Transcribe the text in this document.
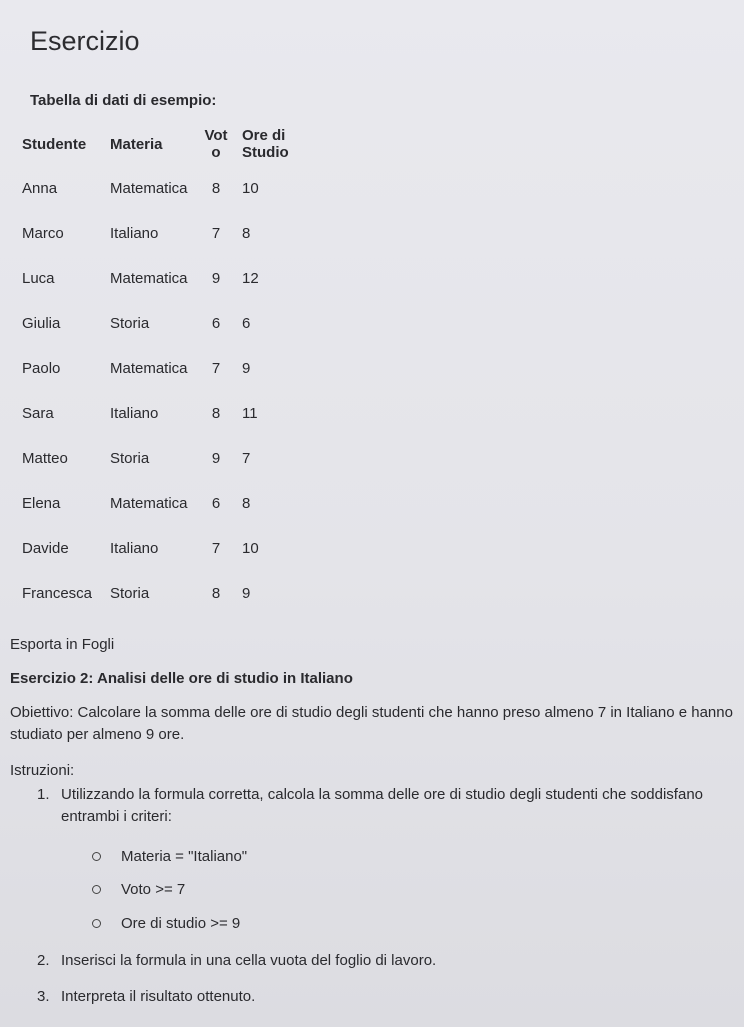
Esercizio

Tabella di dati di esempio:

Studente	Materia	Voto	Ore di Studio
Anna	Matematica	8	10
Marco	Italiano	7	8
Luca	Matematica	9	12
Giulia	Storia	6	6
Paolo	Matematica	7	9
Sara	Italiano	8	11
Matteo	Storia	9	7
Elena	Matematica	6	8
Davide	Italiano	7	10
Francesca	Storia	8	9
Esporta in Fogli
Esercizio 2: Analisi delle ore di studio in Italiano

Obiettivo: Calcolare la somma delle ore di studio degli studenti che hanno preso almeno 7 in Italiano e hanno studiato per almeno 9 ore.

Istruzioni:
1. Utilizzando la formula corretta, calcola la somma delle ore di studio degli studenti che soddisfano entrambi i criteri:
Materia = "Italiano"
Voto >= 7
Ore di studio >= 9
2. Inserisci la formula in una cella vuota del foglio di lavoro.
3. Interpreta il risultato ottenuto.
